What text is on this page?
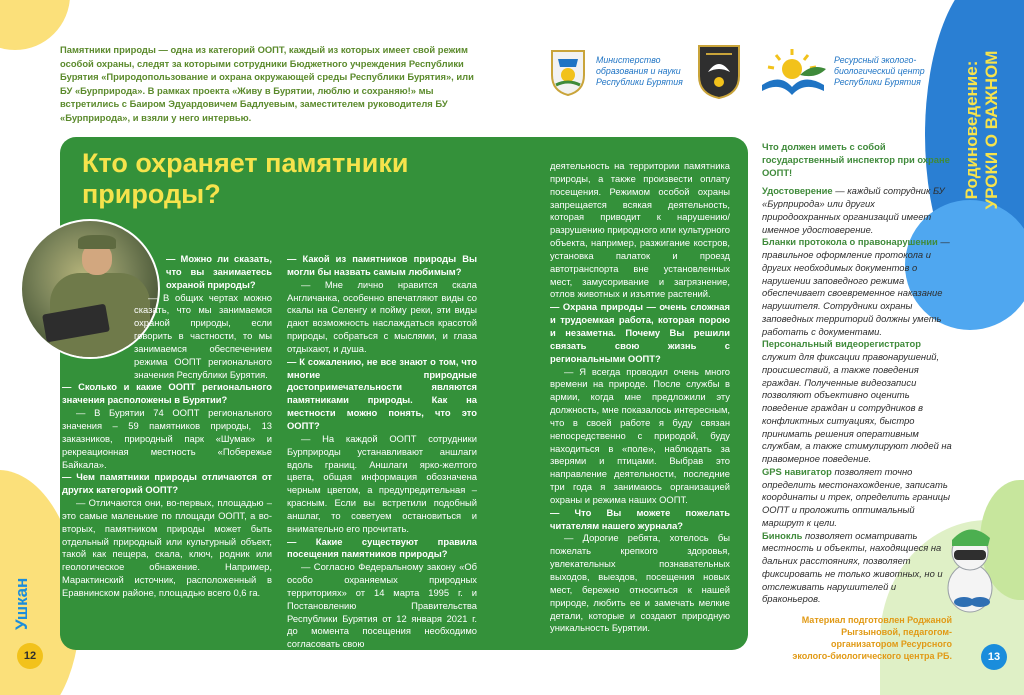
Родиноведение: УРОКИ О ВАЖНОМ
Ушкан
12	13

Памятники природы — одна из категорий ООПТ, каждый из которых имеет свой режим особой охраны, следят за которыми сотрудники Бюджетного учреждения Республики Бурятия «Природопользование и охрана окружающей среды Республики Бурятия», или БУ «Бурприрода». В рамках проекта «Живу в Бурятии, люблю и сохраняю!» мы встретились с Баиром Эдуардовичем Бадлуевым, заместителем руководителя БУ «Бурприрода», и взяли у него интервью.

Министерство образования и науки Республики Бурятия
Ресурсный эколого-биологический центр Республики Бурятия
Кто охраняет памятники природы?

— Можно ли сказать, что вы занимаетесь охраной природы?

— В общих чертах можно сказать, что мы занимаемся охраной природы, если говорить в частности, то мы занимаемся обеспечением режима ООПТ регионального значения Республики Бурятия.

— Сколько и какие ООПТ регионального значения расположены в Бурятии?

— В Бурятии 74 ООПТ регионального значения – 59 памятников природы, 13 заказников, природный парк «Шумак» и рекреационная местность «Побережье Байкала».

— Чем памятники природы отличаются от других категорий ООПТ?

— Отличаются они, во-первых, площадью – это самые маленькие по площади ООПТ, а во-вторых, памятником природы может быть отдельный природный или культурный объект, такой как пещера, скала, ключ, родник или геологическое обнажение. Например, Марактинский источник, расположенный в Еравнинском районе, площадью всего 0,6 га.

— Какой из памятников природы Вы могли бы назвать самым любимым?

— Мне лично нравится скала Англичанка, особенно впечатляют виды со скалы на Селенгу и пойму реки, эти виды дают возможность наслаждаться красотой природы, собраться с мыслями, и глаза отдыхают, и душа.

— К сожалению, не все знают о том, что многие природные достопримечательности являются памятниками природы. Как на местности можно понять, что это ООПТ?

— На каждой ООПТ сотрудники Бурприроды устанавливают аншлаги вдоль границ. Аншлаги ярко-желтого цвета, общая информация обозначена черным цветом, а предупредительная – красным. Если вы встретили подобный аншлаг, то советуем остановиться и внимательно его прочитать.

— Какие существуют правила посещения памятников природы?

— Согласно Федеральному закону «Об особо охраняемых природных территориях» от 14 марта 1995 г. и Постановлению Правительства Республики Бурятия от 12 января 2021 г. до момента посещения необходимо согласовать свою

деятельность на территории памятника природы, а также произвести оплату посещения. Режимом особой охраны запрещается всякая деятельность, которая приводит к нарушению/разрушению природного или культурного объекта, например, разжигание костров, установка палаток и проезд автотранспорта вне установленных мест, замусоривание и загрязнение, отлов животных и изъятие растений.

— Охрана природы — очень сложная и трудоемкая работа, которая порою и незаметна. Почему Вы решили связать свою жизнь с региональными ООПТ?

— Я всегда проводил очень много времени на природе. После службы в армии, когда мне предложили эту должность, мне показалось интересным, что в своей работе я буду связан непосредственно с природой, буду находиться в «поле», наблюдать за зверями и птицами. Выбрав это направление деятельности, последние три года я занимаюсь организацией охраны и режима наших ООПТ.

— Что Вы можете пожелать читателям нашего журнала?

— Дорогие ребята, хотелось бы пожелать крепкого здоровья, увлекательных познавательных выходов, выездов, посещения новых мест, бережно относиться к нашей природе, любить ее и замечать мелкие детали, которые и создают природную уникальность Бурятии.

Что должен иметь с собой государственный инспектор при охране ООПТ!

Удостоверение — каждый сотрудник БУ «Бурприрода» или других природоохранных организаций имеет именное удостоверение.

Бланки протокола о правонарушении — правильное оформление протокола и других необходимых документов о нарушении заповедного режима обеспечивает своевременное наказание нарушителя. Сотрудники охраны заповедных территорий должны уметь работать с документами.

Персональный видеорегистратор служит для фиксации правонарушений, происшествий, а также поведения граждан. Полученные видеозаписи позволяют объективно оценить поведение граждан и сотрудников в конфликтных ситуациях, быстро принимать решения оперативным службам, а также стимулируют людей на правомерное поведение.

GPS навигатор позволяет точно определить местонахождение, записать координаты и трек, определить границы ООПТ и проложить оптимальный маршрут к цели.

Бинокль позволяет осматривать местность и объекты, находящиеся на дальних расстояниях, позволяет фиксировать не только животных, но и отслеживать нарушителей и браконьеров.

Материал подготовлен Роджаной Рыгзыновой, педагогом-организатором Ресурсного эколого-биологического центра РБ.
